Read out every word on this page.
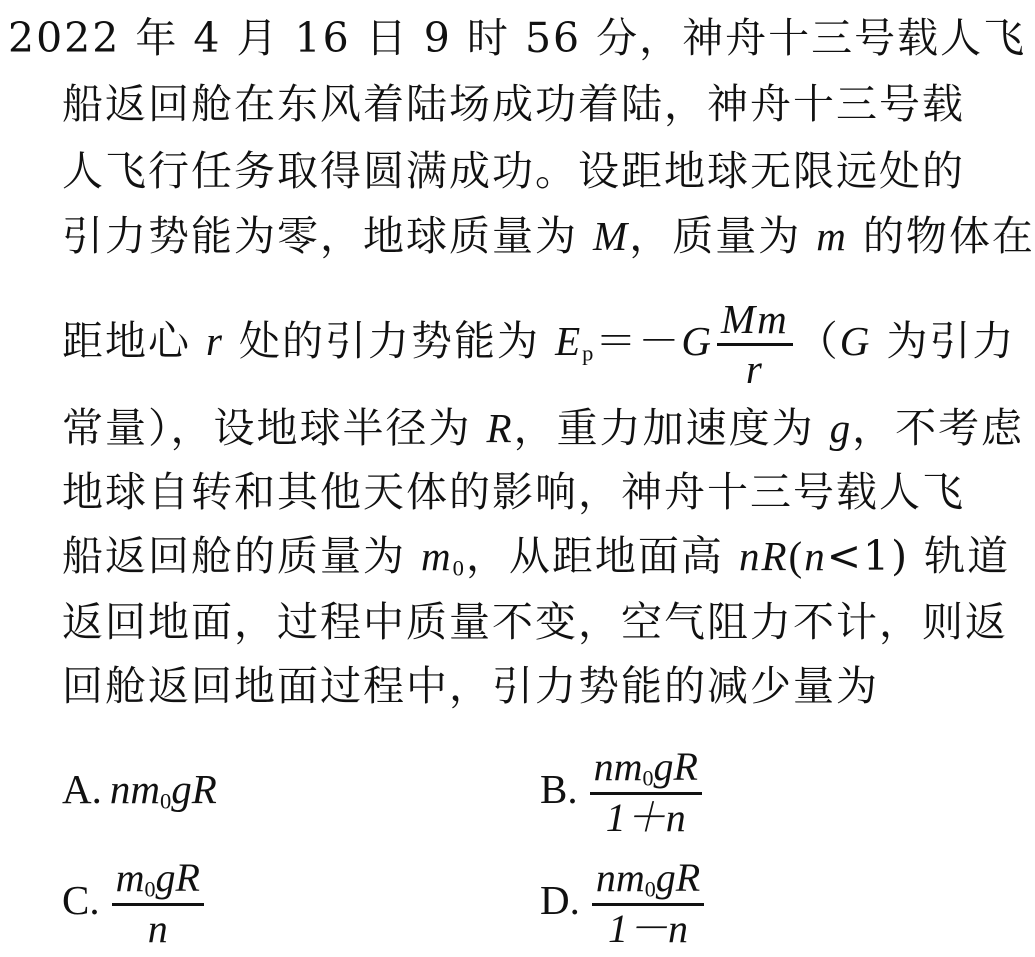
2022 年 4 月 16 日 9 时 56 分，神舟十三号载人飞
船返回舱在东风着陆场成功着陆，神舟十三号载
人飞行任务取得圆满成功。设距地球无限远处的
引力势能为零，地球质量为 M，质量为 m 的物体在
距地心 r 处的引力势能为 $E_p=-G \frac{Mm}{r} (G$ 为引力
常量），设地球半径为 R，重力加速度为 g，不考虑
地球自转和其他天体的影响，神舟十三号载人飞
船返回舱的质量为 $m_0$，从距地面高 nR(n<1) 轨道
返回地面，过程中质量不变，空气阻力不计，则返
回舱返回地面过程中，引力势能的减少量为
A. $nm_0gR$	B. $\frac{nm_0gR}{1+n}$
C. $\frac{m_0gR}{n}$	D. $\frac{nm_0gR}{1-n}$
